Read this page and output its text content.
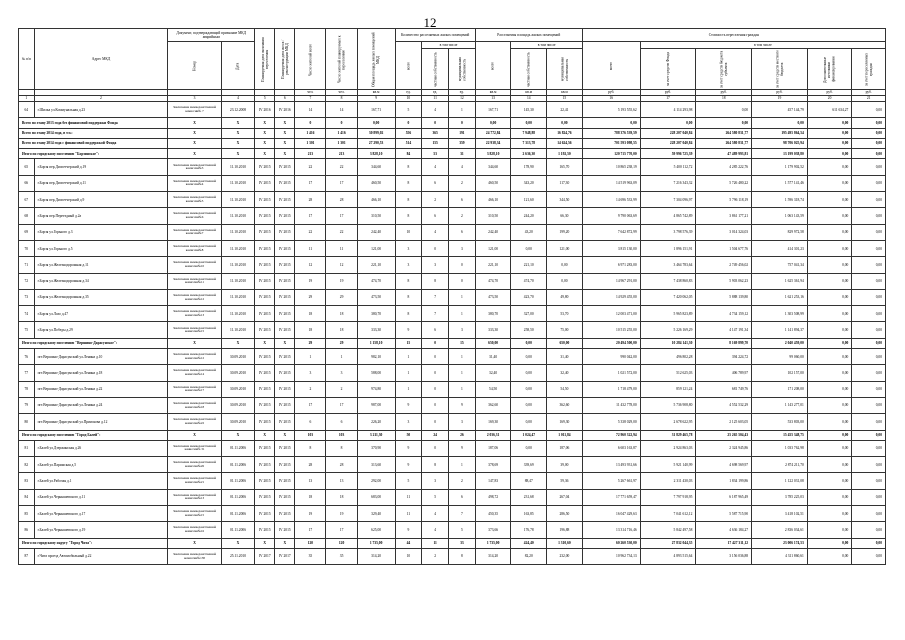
12
№ п/п	Адрес МКД	Документ, подтверждающий признание МКД аварийным		Планируемая дата окончания переселения	Планируемая дата сноса / реконструкции МКД	Число жителей всего	Число жителей планируемых к переселению	Общая площадь жилых помещений МКД	Количество расселяемых жилых помещений			Расселяемая площадь жилых помещений			Стоимость переселения граждан					
		Номер	Дата						всего	в том числе		всего	в том числе		всего	в том числе				
										частная собственность	муниципальная собственность		частная собственность	муниципальная собственность		за счет средств Фонда	за счет средств бюджета субъекта	за счет средств местного бюджета	Дополнительные источники финансирования	за счет переселяемых граждан
						чел.	чел.	кв.м	ед.	ед.	ед.	кв.м	кв.м	кв.м	руб.	руб.	руб.	руб.	руб.	руб.
1	2	3	4	5	6	7	8	9	10	11	12	13	14	15	16	17	18	19	20	21
64	г.Шилка ул.Коммунальная д.23	Заключение межведомственной комиссии№ 7	23.12.2008	IV 2016	IV 2016	14	14	167,71	5	4	1	167,71	145,30	22,41	5 193 555,62	4 114 293,98	0,00	457 144,79	611 634,27	0,00
Всего по этапу 2013 года без финансовой поддержки Фонда		X	X	X	X	0	0	0,00	0	0	0	0,00	0,00	0,00	0,00	0,00	0,00	0,00	0,00	0,00
Всего по этапу 2014 года, в т.ч.:		X	X	X	X	1 416	1 416	30 899,02	556	365	191	24 772,84	7 948,88	16 824,76	788 376 539,59	228 207 040,84	264 580 831,77	195 495 864,54	0,00	0,00
Всего по этапу 2014 года с финансовой поддержкой Фонда		X	X	X	X	1 301	1 301	27 290,53	514	155	359	22 938,34	7 313,78	14 624,56	701 593 098,55	228 207 040,84	264 580 831,77	98 706 025,94	0,00	0,00
Итого по городскому поселению "Борзинское":		X	X	X	X	213	213	3 828,10	84	53	31	3 828,10	2 636,30	1 192,50	120 715 770,00	59 996 725,39	47 489 993,81	13 199 038,80	0,00	0,00
65	г.Борзя пер.Диспетчерский д.19	Заключение межведомственной комиссии№3	11.10.2010	IV 2015	IV 2015	22	22	344,60	8	4	4	344,60	178,90	165,70	10 865 238,19	5 400 112,72	4 285 222,76	1 179 902,52	0,00	0,00
66	г.Борзя пер.Диспетчерский д.11	Заключение межведомственной комиссии№4	11.10.2010	IV 2015	IV 2015	17	17	460,50	8	6	2	460,50	343,20	117,30	14 519 963,09	7 216 343,32	5 726 480,22	1 577 141,46	0,00	0,00
67	г.Борзя пер.Диспетчерский д.9	Заключение межведомственной комиссии№5	11.10.2010	IV 2015	IV 2015	28	28	466,10	8	2	6	466,10	121,60	344,50	14 696 533,99	7 304 096,97	5 796 118,19	1 596 318,74	0,00	0,00
68	г.Борзя пер.Переездный д.2а	Заключение межведомственной комиссии№6	11.10.2010	IV 2015	IV 2015	17	17	310,50	8	6	2	310,50	244,20	66,30	9 790 063,69	4 865 742,89	3 861 177,21	1 063 143,59	0,00	0,00
69	г.Борзя ул.Горького д.3	Заключение межведомственной комиссии№7	11.10.2010	IV 2015	IV 2015	22	22	242,40	10	4	6	242,40	43,20	199,20	7 642 872,99	3 798 576,39	3 014 324,03	829 972,58	0,00	0,00
70	г.Борзя ул.Горького д.5	Заключение межведомственной комиссии№8	11.10.2010	IV 2015	IV 2015	11	11	121,00	3	0	3	121,00	0,00	121,00	3 815 130,00	1 896 151,91	1 504 677,76	414 301,23	0,00	0,00
71	г.Борзя ул.Железнодорожная д.11	Заключение межведомственной комиссии№10	11.10.2010	IV 2015	IV 2015	12	12	221,10	3	3	0	221,10	221,10	0,00	6 971 283,00	3 464 783,64	2 749 456,02	757 041,34	0,00	0,00
72	г.Борзя ул.Железнодорожная д.34	Заключение межведомственной комиссии№11	11.10.2010	IV 2015	IV 2015	19	19	474,70	8	8	0	474,70	474,70	0,00	14 967 291,00	7 438 860,83	5 903 062,23	1 625 361,94	0,00	0,00
73	г.Борзя ул.Железнодорожная д.35	Заключение межведомственной комиссии№12	11.10.2010	IV 2015	IV 2015	29	29	473,50	8	7	1	473,50	423,70	49,80	14 929 455,00	7 420 062,05	5 888 139,80	1 621 253,16	0,00	0,00
74	г.Борзя ул.Лазо д.47	Заключение межведомственной комиссии№13	11.10.2010	IV 2015	IV 2015	18	18	380,70	8	7	1	380,70	327,00	53,70	12 003 471,00	5 965 823,89	4 734 159,12	1 303 508,99	0,00	0,00
75	г.Борзя ул.Победы д.29	Заключение межведомственной комиссии№15	11.10.2010	IV 2015	IV 2015	18	18	333,30	9	6	3	333,30	258,50	75,00	10 515 255,00	5 226 169,29	4 147 191,34	1 141 894,37	0,00	0,00
Итого по городскому поселению "Вершино-Дарасунское":		X	X	X	X	29	29	1 158,10	15	0	15	650,00	0,00	650,00	20 494 500,00	10 284 141,30	8 169 899,70	2 040 459,00	0,00	0,00
76	пгт.Вершино-Дарасунский ул.Ленина д.10	Заключение межведомственной комиссии№12	30.09.2010	IV 2015	IV 2015	1	1	982,10	1	0	1	31,40	0,00	31,40	990 042,00	496 802,28	394 224,72	99 060,00	0,00	0,00
77	пгт.Вершино-Дарасунский ул.Ленина д.18	Заключение межведомственной комиссии№14	30.09.2010	IV 2015	IV 2015	3	3	588,00	1	0	1	32,40	0,00	32,40	1 021 572,00	512 625,03	406 789,97	102 157,00	0,00	0,00
78	пгт.Вершино-Дарасунский ул.Ленина д.22	Заключение межведомственной комиссии№17	30.09.2010	IV 2015	IV 2015	2	2	974,80	1	0	1	54,50	0,00	54,50	1 718 479,00	859 121,24	681 749,76	171 208,00	0,00	0,00
79	пгт.Вершино-Дарасунский ул.Ленина д.24	Заключение межведомственной комиссии№18	30.09.2010	IV 2015	IV 2015	17	17	987,00	9	0	9	362,60	0,00	362,60	11 432 778,00	5 736 908,80	4 552 532,29	1 143 277,01	0,00	0,00
80	пгт.Вершино-Дарасунский ул.Приискова д.12	Заключение межведомственной комиссии№22	30.09.2010	IV 2015	IV 2015	6	6	226,20	3	0	3	169,30	0,00	169,30	5 338 029,00	2 678 622,95	2 125 603,05	533 803,00	0,00	0,00
Итого по городскому поселению "Город Балей":		X	X	X	X	103	103	3 211,30	50	24	26	2 036,31	1 024,47	1 011,84	72 960 322,94	31 829 465,78	25 265 504,43	15 455 348,75	0,00	0,00
81	г.Балей ул.Дзержинская д.26	Заключение межведомственной комиссии№ 31	01.11.2006	IV 2015	IV 2015	8	8	370,90	9	0	9	187,06	0,00	187,06	6 603 163,87	2 924 863,03	2 324 945,86	1 033 762,98	0,00	0,00
82	г.Балей ул.Парижская д.5	Заключение межведомственной комиссии№26	01.11.2006	IV 2015	IV 2015	28	28	313,60	9	8	1	378,69	339,69	39,00	13 493 931,66	5 921 140,99	4 698 569,97	2 874 211,70	0,00	0,00
83	г.Балей ул.Рабочая д.1	Заключение межведомственной комиссии№21	01.11.2006	IV 2015	IV 2015	13	13	292,00	5	3	2	147,83	88,47	59,36	5 267 661,97	2 311 430,03	1 834 199,86	1 122 031,08	0,00	0,00
84	г.Балей ул.Чернышевского д.11	Заключение межведомственной комиссии№13	01.11.2006	IV 2015	IV 2015	18	18	683,00	11	5	6	498,72	231,68	267,04	17 771 659,47	7 797 918,95	6 187 965,49	3 785 225,03	0,00	0,00
85	г.Балей ул.Чернышевского д.17	Заключение межведомственной комиссии№15	01.11.2006	IV 2015	IV 2015	19	19	329,40	11	4	7	450,35	163,85	286,50	16 047 429,63	7 041 612,12	5 587 715,90	3 418 102,51	0,00	0,00
86	г.Балей ул.Чернышевского д.19	Заключение межведомственной комиссии№16	01.11.2006	IV 2015	IV 2015	17	17	625,00	9	4	5	373,66	176,78	196,88	13 314 716,46	5 842 497,58	4 636 184,27	2 836 034,61	0,00	0,00
Итого по городскому округу "Город Чита":		X	X	X	X	120	120	1 735,00	44	11	33	1 735,00	424,40	1 310,60	60 260 530,00	27 832 044,35	17 427 311,12	23 006 174,53	0,00	0,00
87	г.Чита проезд Автомобильный д.22	Заключение межведомственной комиссии№138	25.11.2010	IV 2017	IV 2017	35	35	314,20	10	2	8	314,20	82,20	232,00	10 962 734,13	4 893 515,64	3 156 036,88	4 311 860,61	0,00	0,00
